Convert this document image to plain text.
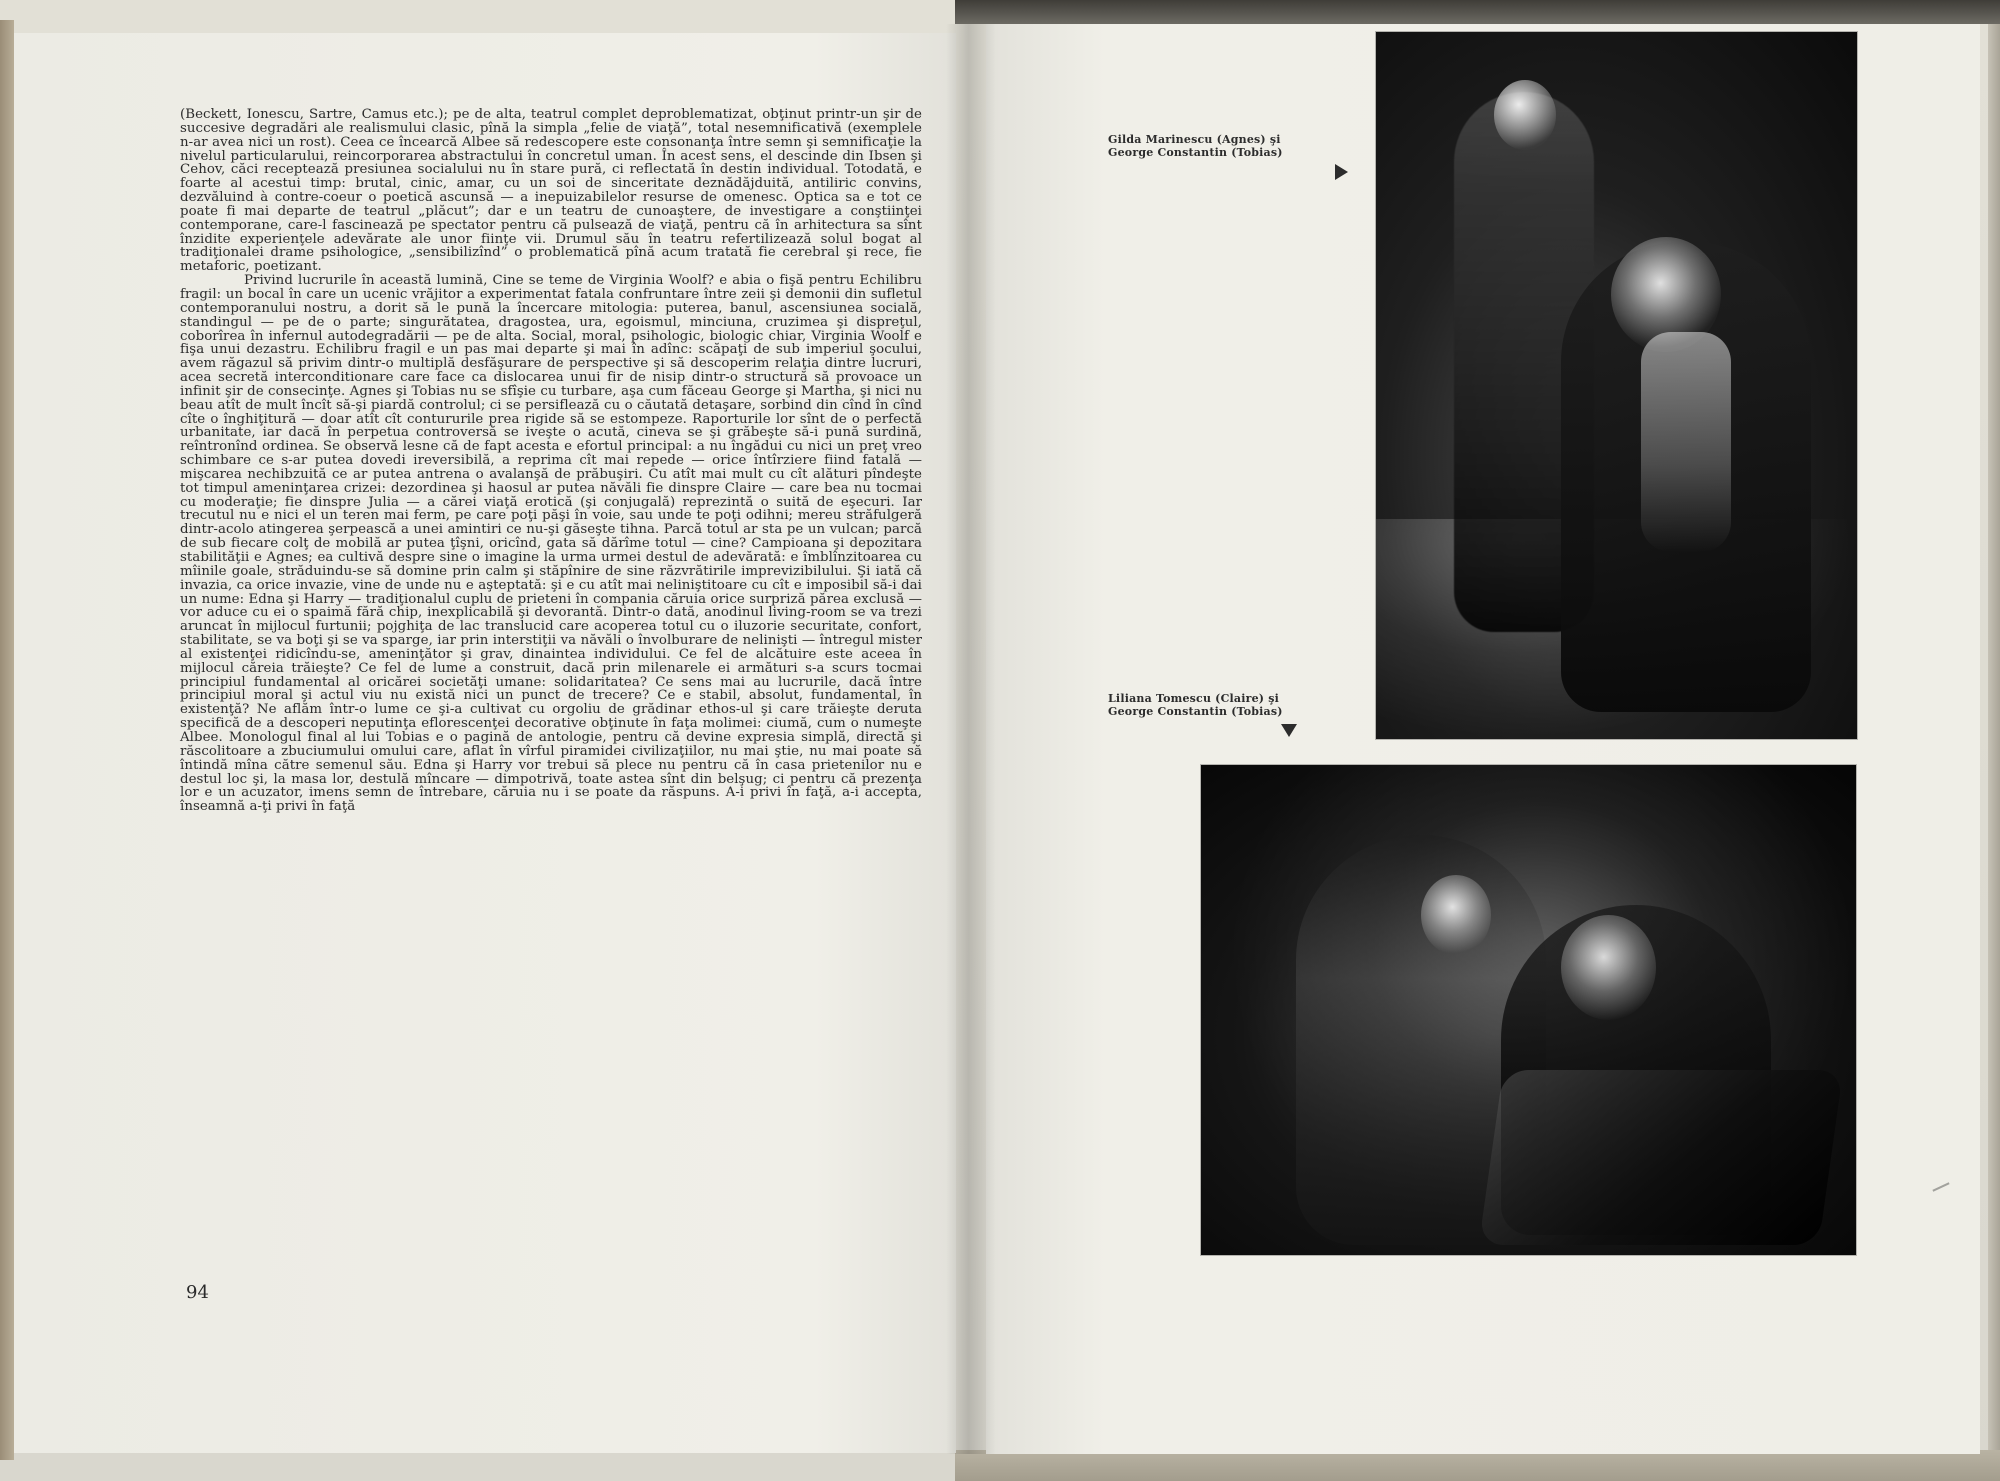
(Beckett, Ionescu, Sartre, Camus etc.); pe de alta, teatrul complet deproblematizat, obţinut printr-un şir de succesive degradări ale realismului clasic, pînă la simpla „felie de viaţă”, total nesemnificativă (exemplele n-ar avea nici un rost). Ceea ce încearcă Albee să redescopere este consonanţa între semn şi semnificaţie la nivelul particularului, reincorporarea abstractului în concretul uman. În acest sens, el descinde din Ibsen şi Cehov, căci receptează presiunea socialului nu în stare pură, ci reflectată în destin individual. Totodată, e foarte al acestui timp: brutal, cinic, amar, cu un soi de sinceritate deznădăjduită, antiliric convins, dezvăluind à contre-coeur o poetică ascunsă — a inepuizabilelor resurse de omenesc. Optica sa e tot ce poate fi mai departe de teatrul „plăcut”; dar e un teatru de cunoaştere, de investigare a conştiinţei contemporane, care-l fascinează pe spectator pentru că pulsează de viaţă, pentru că în arhitectura sa sînt înzidite experienţele adevărate ale unor fiinţe vii. Drumul său în teatru refertilizează solul bogat al tradiţionalei drame psihologice, „sensibilizînd” o problematică pînă acum tratată fie cerebral şi rece, fie metaforic, poetizant.

Privind lucrurile în această lumină, Cine se teme de Virginia Woolf? e abia o fişă pentru Echilibru fragil: un bocal în care un ucenic vrăjitor a experimentat fatala confruntare între zeii şi demonii din sufletul contemporanului nostru, a dorit să le pună la încercare mitologia: puterea, banul, ascensiunea socială, standingul — pe de o parte; singurătatea, dragostea, ura, egoismul, minciuna, cruzimea şi dispreţul, coborîrea în infernul autodegradării — pe de alta. Social, moral, psihologic, biologic chiar, Virginia Woolf e fişa unui dezastru. Echilibru fragil e un pas mai departe şi mai în adînc: scăpaţi de sub imperiul şocului, avem răgazul să privim dintr-o multiplă desfăşurare de perspective şi să descoperim relaţia dintre lucruri, acea secretă interconditionare care face ca dislocarea unui fir de nisip dintr-o structură să provoace un infinit şir de consecinţe. Agnes şi Tobias nu se sfîşie cu turbare, aşa cum făceau George şi Martha, şi nici nu beau atît de mult încît să-şi piardă controlul; ci se persiflează cu o căutată detaşare, sorbind din cînd în cînd cîte o înghiţitură — doar atît cît contururile prea rigide să se estompeze. Raporturile lor sînt de o perfectă urbanitate, iar dacă în perpetua controversă se iveşte o acută, cineva se şi grăbeşte să-i pună surdină, reîntronînd ordinea. Se observă lesne că de fapt acesta e efortul principal: a nu îngădui cu nici un preţ vreo schimbare ce s-ar putea dovedi ireversibilă, a reprima cît mai repede — orice întîrziere fiind fatală — mişcarea nechibzuită ce ar putea antrena o avalanşă de prăbuşiri. Cu atît mai mult cu cît alături pîndeşte tot timpul ameninţarea crizei: dezordinea şi haosul ar putea năvăli fie dinspre Claire — care bea nu tocmai cu moderaţie; fie dinspre Julia — a cărei viaţă erotică (şi conjugală) reprezintă o suită de eşecuri. Iar trecutul nu e nici el un teren mai ferm, pe care poţi păşi în voie, sau unde te poţi odihni; mereu străfulgeră dintr-acolo atingerea şerpească a unei amintiri ce nu-şi găseşte tihna. Parcă totul ar sta pe un vulcan; parcă de sub fiecare colţ de mobilă ar putea ţîşni, oricînd, gata să dărîme totul — cine? Campioana şi depozitara stabilităţii e Agnes; ea cultivă despre sine o imagine la urma urmei destul de adevărată: e îmblînzitoarea cu mîinile goale, străduindu-se să domine prin calm şi stăpînire de sine răzvrătirile imprevizibilului. Şi iată că invazia, ca orice invazie, vine de unde nu e aşteptată: şi e cu atît mai neliniştitoare cu cît e imposibil să-i dai un nume: Edna şi Harry — tradiţionalul cuplu de prieteni în compania căruia orice surpriză părea exclusă — vor aduce cu ei o spaimă fără chip, inexplicabilă şi devorantă. Dintr-o dată, anodinul living-room se va trezi aruncat în mijlocul furtunii; pojghiţa de lac translucid care acoperea totul cu o iluzorie securitate, confort, stabilitate, se va boţi şi se va sparge, iar prin interstiţii va năvăli o învolburare de nelinişti — întregul mister al existenţei ridicîndu-se, ameninţător şi grav, dinaintea individului. Ce fel de alcătuire este aceea în mijlocul căreia trăieşte? Ce fel de lume a construit, dacă prin milenarele ei armături s-a scurs tocmai principiul fundamental al oricărei societăţi umane: solidaritatea? Ce sens mai au lucrurile, dacă între principiul moral şi actul viu nu există nici un punct de trecere? Ce e stabil, absolut, fundamental, în existenţă? Ne aflăm într-o lume ce şi-a cultivat cu orgoliu de grădinar ethos-ul şi care trăieşte deruta specifică de a descoperi neputinţa eflorescenţei decorative obţinute în faţa molimei: ciumă, cum o numeşte Albee. Monologul final al lui Tobias e o pagină de antologie, pentru că devine expresia simplă, directă şi răscolitoare a zbuciumului omului care, aflat în vîrful piramidei civilizaţiilor, nu mai ştie, nu mai poate să întindă mîna către semenul său. Edna şi Harry vor trebui să plece nu pentru că în casa prietenilor nu e destul loc şi, la masa lor, destulă mîncare — dimpotrivă, toate astea sînt din belşug; ci pentru că prezenţa lor e un acuzator, imens semn de întrebare, căruia nu i se poate da răspuns. A-i privi în faţă, a-i accepta, înseamnă a-ţi privi în faţă

94
Gilda Marinescu (Agnes) şi
George Constantin (Tobias)
Liliana Tomescu (Claire) şi
George Constantin (Tobias)
